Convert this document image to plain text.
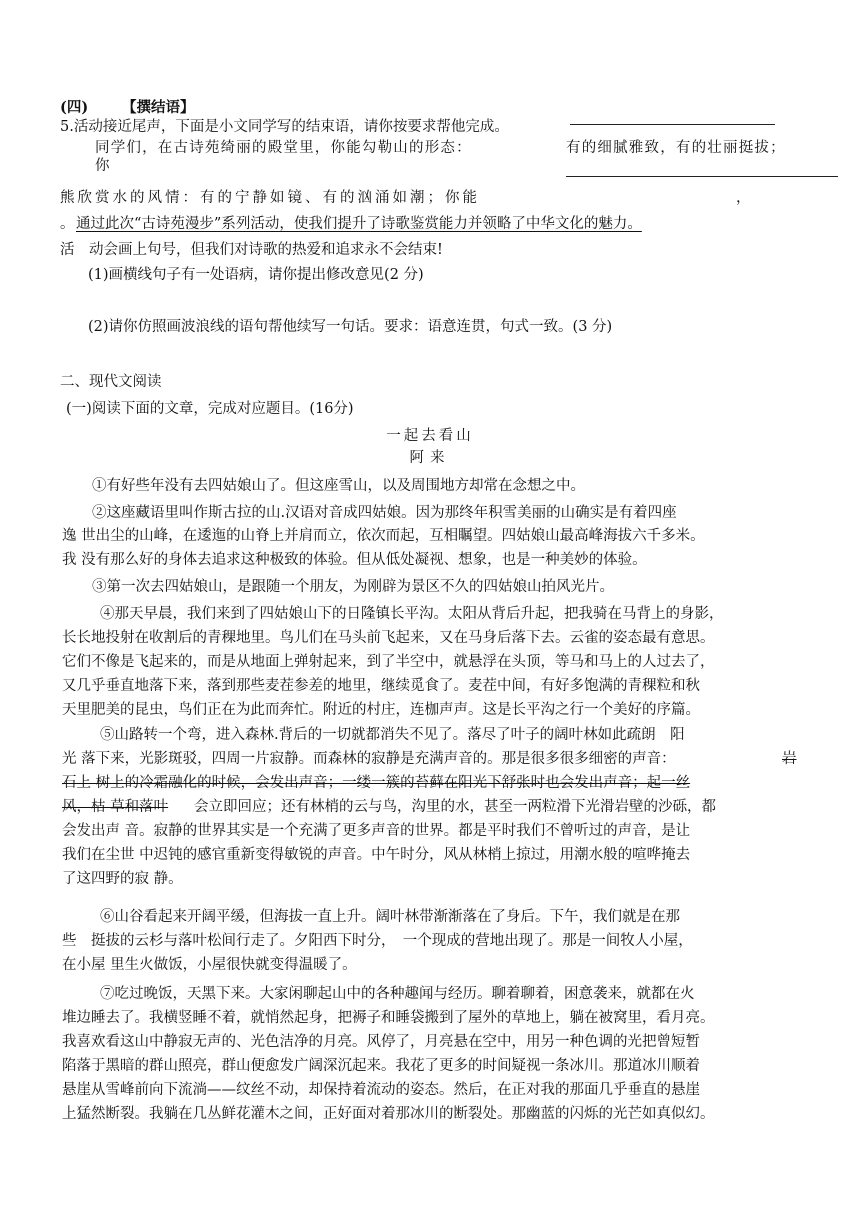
(四) 【撰结语】
5.活动接近尾声，下面是小文同学写的结束语，请你按要求帮他完成。
同学们，在古诗苑绮丽的殿堂里，你能勾勒山的形态：	有的细腻雅致，有的壮丽挺拔；
你
熊欣赏水的风情：有的宁静如镜、有的汹涌如潮；你能	，
。 通过此次“古诗苑漫步”系列活动，使我们提升了诗歌鉴赏能力并领略了中华文化的魅力。
活　动会画上句号，但我们对诗歌的热爱和追求永不会结束!
(1)画横线句子有一处语病，请你提出修改意见(2 分)
(2)请你仿照画波浪线的语句帮他续写一句话。要求：语意连贯，句式一致。(3 分)
二、现代文阅读
(一)阅读下面的文章，完成对应题目。(16分)
一起去看山
阿来
①有好些年没有去四姑娘山了。但这座雪山，以及周围地方却常在念想之中。
②这座藏语里叫作斯古拉的山.汉语对音成四姑娘。因为那终年积雪美丽的山确实是有着四座
逸 世出尘的山峰，在逶迤的山脊上并肩而立，依次而起，互相瞩望。四姑娘山最高峰海拔六千多米。
我 没有那么好的身体去追求这种极致的体验。但从低处凝视、想象，也是一种美妙的体验。
③第一次去四姑娘山，是跟随一个朋友，为刚辟为景区不久的四姑娘山拍风光片。
④那天早晨，我们来到了四姑娘山下的日隆镇长平沟。太阳从背后升起，把我骑在马背上的身影，
长长地投射在收割后的青稞地里。鸟儿们在马头前飞起来，又在马身后落下去。云雀的姿态最有意思。
它们不像是飞起来的，而是从地面上弹射起来，到了半空中，就悬浮在头顶，等马和马上的人过去了，
又几乎垂直地落下来，落到那些麦茬参差的地里，继续觅食了。麦茬中间，有好多饱满的青稞粒和秋
天里肥美的昆虫，鸟们正在为此而奔忙。附近的村庄，连枷声声。这是长平沟之行一个美好的序篇。
⑤山路转一个弯，进入森林.背后的一切就都消失不见了。落尽了叶子的阔叶林如此疏朗　阳
光 落下来，光影斑驳，四周一片寂静。而森林的寂静是充满声音的。那是很多很多细密的声音：	岩
石上 树上的冷霜融化的时候，会发出声音；一缕一簇的苔藓在阳光下舒张时也会发出声音；起一丝
风，枯 草和落叶 会立即回应；还有林梢的云与鸟，沟里的水，甚至一两粒滑下光滑岩壁的沙砾，都
会发出声 音。寂静的世界其实是一个充满了更多声音的世界。都是平时我们不曾听过的声音，是让
我们在尘世 中迟钝的感官重新变得敏锐的声音。中午时分，风从林梢上掠过，用潮水般的喧哗掩去
了这四野的寂 静。
⑥山谷看起来开阔平缓，但海拔一直上升。阔叶林带渐渐落在了身后。下午，我们就是在那
些　挺拔的云杉与落叶松间行走了。夕阳西下时分，　一个现成的营地出现了。那是一间牧人小屋，
在小屋 里生火做饭，小屋很快就变得温暖了。
⑦吃过晚饭，天黑下来。大家闲聊起山中的各种趣闻与经历。聊着聊着，困意袭来，就都在火
堆边睡去了。我横竖睡不着，就悄然起身，把褥子和睡袋搬到了屋外的草地上，躺在被窝里，看月亮。
我喜欢看这山中静寂无声的、光色洁净的月亮。风停了，月亮悬在空中，用另一种色调的光把曾短暂
陷落于黑暗的群山照亮，群山便愈发广阔深沉起来。我花了更多的时间疑视一条冰川。那道冰川顺着
悬崖从雪峰前向下流淌——纹丝不动，却保持着流动的姿态。然后，在正对我的那面几乎垂直的悬崖
上猛然断裂。我躺在几丛鲜花灌木之间，正好面对着那冰川的断裂处。那幽蓝的闪烁的光芒如真似幻。
